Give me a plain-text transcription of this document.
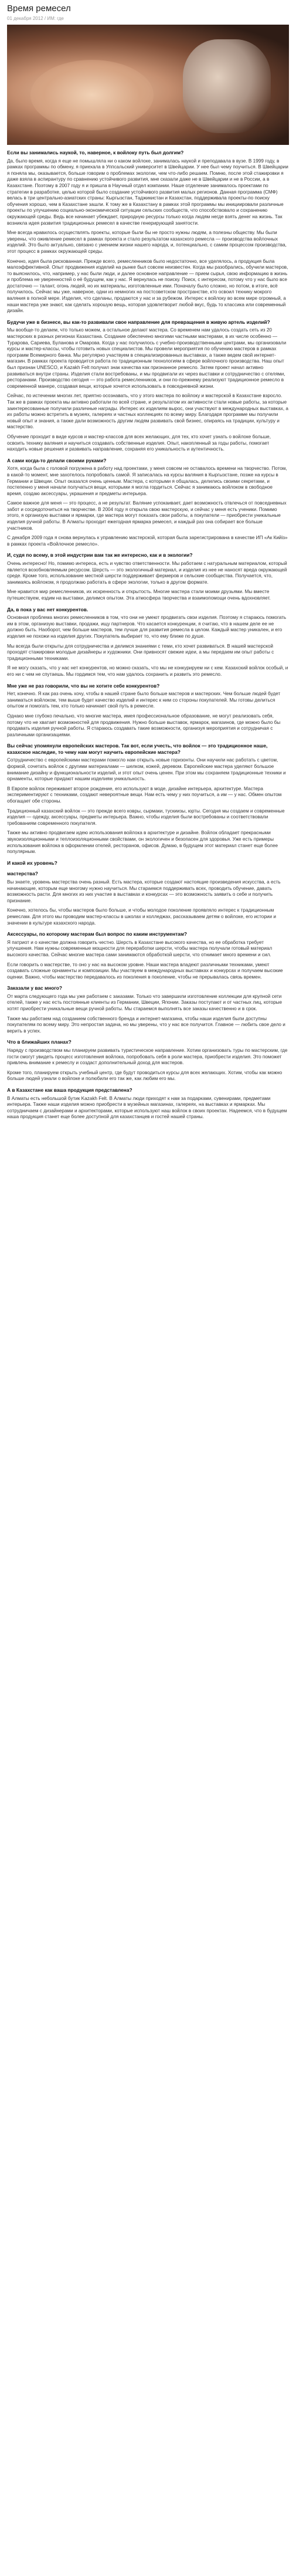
Время ремесел
01 декабря 2012 / ИМ: где
Если вы занимались наукой, то, наверное, к войлоку путь был долгим?

Да, было время, когда я еще не помышляла ни о каком войлоке, занималась наукой и преподавала в вузе. В 1999 году, в рамках программы по обмену, я приехала в Уппсальский университет в Швейцарии. У нее был чему поучиться. В Швейцарии я поняла мы, оказывается, больше говорим о проблемах экологии, чем что-либо решаем. Помню, после этой стажировки я даже взяла в аспирантуру по сравнению устойчивого развития, мне сказали даже не в Швейцарии и не в России, а в Казахстане. Поэтому в 2007 году я и пришла в Научный отдел компании. Наше отделение занималось проектами по стратегии в разработке, целью которой было создание устойчивого развития малых регионов. Данная программа (СМФ) велась в три центрально-азиатских страны: Кыргызстан, Таджикистан и Казахстан, поддерживала проекты-по поиску обучения хорошо, чем в Казахстане зашли. К тому же в Казахстану в рамках этой программы мы инициировали различные проекты по улучшению социально-экономической ситуации сельских сообществ, что способствовало и сохранению окружающей среды. Ведь все начинает убеждает, природную ресурсы только когда людям негде взять денег на жизнь. Так возникла идея развития традиционных ремесел в качестве генерирующей занятости.

Мне всегда нравилось осуществлять проекты, которые были бы не просто нужны людям, а полезны обществу. Мы были уверены, что оживление ремесел в рамках проекта и стало результатом казахского ремесла — производства войлочных изделий. Это было актуально, связано с умением жизни нашего народа, и, потенциально, с самим процессом производства, этот процесс в рамках окружающей среды.

Конечно, идея была рискованная. Прежде всего, ремесленников было недостаточно, все уделялось, а продукция была малоэффективной. Опыт продвижения изделий на рынке был совсем неизвестен. Когда мы разобрались, обучили мастеров, то выяснилось, что, например, у нас были люди, и далее основное направление — прием сырья, свою информацию в жизнь и проблема не уверенностей о её будущем, как у нас. Я вернулась не поиску. Поиск, с интересом, потому что у нас было все достаточно — талант, огонь людей, но их материалы, изготовленные ими. Поначалу было сложно, но потом, в итоге, всё получилось. Сейчас мы уже, наверное, одни из немногих на постсоветском пространстве, кто освоил технику мокрого валяния в полной мере. Изделия, что сделаны, продаются у нас и за рубежом. Интерес к войлоку во всем мире огромный, а наши мастера уже знают, как сделать хорошую вещь, которая удовлетворит любой вкус, будь то классика или современный дизайн.

Будучи уже в бизнесе, вы как-то развивали свое направление для превращения в живую артель изделий?

Мы вообще-то делаем, что только можем, а остальное делают мастера. Со временем нам удалось создать сеть из 20 мастерских в разных регионах Казахстана. Создание обеспечено многими частными мастерами, в их числе особенно — Турарова, Сариева, Буланова и Омарова. Когда у нас получилось с учебно-производственными центрами, мы организовали курсы и мастер-классы, чтобы готовить новых специалистов. Мы провели мероприятия по обучению мастеров в рамках программ Всемирного банка. Мы регулярно участвуем в специализированных выставках, а также ведем свой интернет-магазин. В рамках проекта проводится работа по традиционным технологиям в сфере войлочного производства. Наш опыт был признан UNESCO, и Kazakh Felt получил знак качества как признанное ремесло. Затем проект начал активно развиваться внутри страны. Изделия стали востребованы, и мы продвигали их через выставки и сотрудничество с отелями, ресторанами. Производство сегодня — это работа ремесленников, и они по-прежнему реализуют традиционное ремесло в современной манере, создавая вещи, которые хочется использовать в повседневной жизни.

Сейчас, по истечении многих лет, приятно осознавать, что у этого мастера по войлоку и мастерской в Казахстане взросло. Так же в рамках проекта мы активно работали по всей стране, и результатом их активности стали новые работы, за которые заинтересованные получили различные награды. Интерес их изделиям вырос, они участвуют в международных выставках, а их работы можно встретить в музеях, галереях и частных коллекциях по всему миру. Благодаря программе мы получили новый опыт и знания, а также дали возможность другим людям развивать свой бизнес, опираясь на традиции, культуру и мастерство.

Обучение проходит в виде курсов и мастер-классов для всех желающих, для тех, кто хочет узнать о войлоке больше, освоить технику валяния и научиться создавать собственные изделия. Опыт, накопленный за годы работы, помогает находить новые решения и развивать направление, сохраняя его уникальность и аутентичность.

А сами когда-то делали своими руками?

Хотя, когда была с головой погружена в работу над проектами, у меня совсем не оставалось времени на творчество. Потом, в какой-то момент, мне захотелось попробовать самой. Я записалась на курсы валяния в Кыргызстане, позже на курсы в Германии и Швеции. Опыт оказался очень ценным. Мастера, с которыми я общалась, делились своими секретами, и постепенно у меня начали получаться вещи, которыми я могла гордиться. Сейчас я занимаюсь войлоком в свободное время, создаю аксессуары, украшения и предметы интерьера.

Самое важное для меня — это процесс, а не результат. Валяние успокаивает, дает возможность отвлечься от повседневных забот и сосредоточиться на творчестве. В 2004 году я открыла свою мастерскую, и сейчас у меня есть ученики. Помимо этого, я организую выставки и ярмарки, где мастера могут показать свои работы, а покупатели — приобрести уникальные изделия ручной работы. В Алматы проходит ежегодная ярмарка ремесел, и каждый раз она собирает все больше участников.

С декабря 2009 года я снова вернулась к управлению мастерской, которая была зарегистрирована в качестве ИП «Ак Кийiз» в рамках проекта «Войлочное ремесло».

И, судя по всему, в этой индустрии вам так же интересно, как и в экологии?

Очень интересно! Но, помимо интереса, есть и чувство ответственности. Мы работаем с натуральным материалом, который является возобновляемым ресурсом. Шерсть — это экологичный материал, и изделия из нее не наносят вреда окружающей среде. Кроме того, использование местной шерсти поддерживает фермеров и сельские сообщества. Получается, что, занимаясь войлоком, я продолжаю работать в сфере экологии, только в другом формате.

Мне нравится мир ремесленников, их искренность и открытость. Многие мастера стали моими друзьями. Мы вместе путешествуем, ездим на выставки, делимся опытом. Эта атмосфера творчества и взаимопомощи очень вдохновляет.

Да, в пока у вас нет конкурентов.

Основная проблема многих ремесленников в том, что они не умеют продвигать свои изделия. Поэтому я стараюсь помогать им в этом, организую выставки, продажи, ищу партнеров. Что касается конкуренции, я считаю, что в нашем деле ее не должно быть. Наоборот, чем больше мастеров, тем лучше для развития ремесла в целом. Каждый мастер уникален, и его изделия не похожи на изделия других. Покупатель выбирает то, что ему ближе по душе.

Мы всегда были открыты для сотрудничества и делимся знаниями с теми, кто хочет развиваться. В нашей мастерской проходят стажировки молодые дизайнеры и художники. Они привносят свежие идеи, а мы передаем им опыт работы с традиционными техниками.

Я не могу сказать, что у нас нет конкурентов, но можно сказать, что мы не конкурируем ни с кем. Казахский войлок особый, и его ни с чем не спутаешь. Мы гордимся тем, что нам удалось сохранить и развить это ремесло.

Мне уже не раз говорили, что вы не хотите себе конкурентов?

Нет, конечно. Я как раз очень хочу, чтобы в нашей стране было больше мастеров и мастерских. Чем больше людей будет заниматься войлоком, тем выше будет качество изделий и интерес к ним со стороны покупателей. Мы готовы делиться опытом и помогать тем, кто только начинает свой путь в ремесле.

Однако мне глубоко печально, что многие мастера, имея профессиональное образование, не могут реализовать себя, потому что не хватает возможностей для продвижения. Нужно больше выставок, ярмарок, магазинов, где можно было бы продавать изделия ручной работы. Я стараюсь создавать такие возможности, организуя мероприятия и сотрудничая с различными организациями.

Вы сейчас упомянули европейских мастеров. Так вот, если учесть, что войлок — это традиционное наше, казахское наследие, то чему нам могут научить европейские мастера?

Сотрудничество с европейскими мастерами помогло нам открыть новые горизонты. Они научили нас работать с цветом, формой, сочетать войлок с другими материалами — шелком, кожей, деревом. Европейские мастера уделяют большое внимание дизайну и функциональности изделий, и этот опыт очень ценен. При этом мы сохраняем традиционные техники и орнаменты, которые придают нашим изделиям уникальность.

В Европе войлок переживает второе рождение, его используют в моде, дизайне интерьера, архитектуре. Мастера экспериментируют с техниками, создают невероятные вещи. Нам есть чему у них поучиться, а им — у нас. Обмен опытом обогащает обе стороны.

Традиционный казахский войлок — это прежде всего ковры, сырмаки, тускиизы, юрты. Сегодня мы создаем и современные изделия — одежду, аксессуары, предметы интерьера. Важно, чтобы изделия были востребованы и соответствовали требованиям современного покупателя.

Также мы активно продвигаем идею использования войлока в архитектуре и дизайне. Войлок обладает прекрасными звукоизоляционными и теплоизоляционными свойствами, он экологичен и безопасен для здоровья. Уже есть примеры использования войлока в оформлении отелей, ресторанов, офисов. Думаю, в будущем этот материал станет еще более популярным.

И какой их уровень?
мастерства?

Вы знаете, уровень мастерства очень разный. Есть мастера, которые создают настоящие произведения искусства, а есть начинающие, которым еще многому нужно научиться. Мы стараемся поддерживать всех, проводить обучение, давать возможность расти. Для многих из них участие в выставках и конкурсах — это возможность заявить о себе и получить признание.

Конечно, хотелось бы, чтобы мастеров было больше, и чтобы молодое поколение проявляло интерес к традиционным ремеслам. Для этого мы проводим мастер-классы в школах и колледжах, рассказываем детям о войлоке, его истории и значении в культуре казахского народа.

Аксессуары, по которому мастерам был вопрос по каким инструментам?

Я патриот и о качестве должна говорить честно. Шерсть в Казахстане высокого качества, но ее обработка требует улучшения. Нам нужны современные мощности для переработки шерсти, чтобы мастера получали готовый материал высокого качества. Сейчас многие мастера сами занимаются обработкой шерсти, что отнимает много времени и сил.

Если говорить о мастерстве, то оно у нас на высоком уровне. Наши мастера владеют различными техниками, умеют создавать сложные орнаменты и композиции. Мы участвуем в международных выставках и конкурсах и получаем высокие оценки. Важно, чтобы мастерство передавалось из поколения в поколение, чтобы не прерывалась связь времен.

Заказали у вас много?

От марта следующего года мы уже работаем с заказами. Только что завершили изготовление коллекции для крупной сети отелей, также у нас есть постоянные клиенты из Германии, Швеции, Японии. Заказы поступают и от частных лиц, которые хотят приобрести уникальные вещи ручной работы. Мы стараемся выполнять все заказы качественно и в срок.

Также мы работаем над созданием собственного бренда и интернет-магазина, чтобы наши изделия были доступны покупателям по всему миру. Это непростая задача, но мы уверены, что у нас все получится. Главное — любить свое дело и верить в успех.

Что в ближайших планах?

Наряду с производством мы планируем развивать туристическое направление. Хотим организовать туры по мастерским, где гости смогут увидеть процесс изготовления войлока, попробовать себя в роли мастера, приобрести изделия. Это поможет привлечь внимание к ремеслу и создаст дополнительный доход для мастеров.

Кроме того, планируем открыть учебный центр, где будут проводиться курсы для всех желающих. Хотим, чтобы как можно больше людей узнали о войлоке и полюбили его так же, как любим его мы.

А в Казахстане как ваша продукция представлена?

В Алматы есть небольшой бутик Kazakh Felt. В Алматы люди приходят к нам за подарками, сувенирами, предметами интерьера. Также наши изделия можно приобрести в музейных магазинах, галереях, на выставках и ярмарках. Мы сотрудничаем с дизайнерами и архитекторами, которые используют наш войлок в своих проектах. Надеемся, что в будущем наша продукция станет еще более доступной для казахстанцев и гостей нашей страны.
